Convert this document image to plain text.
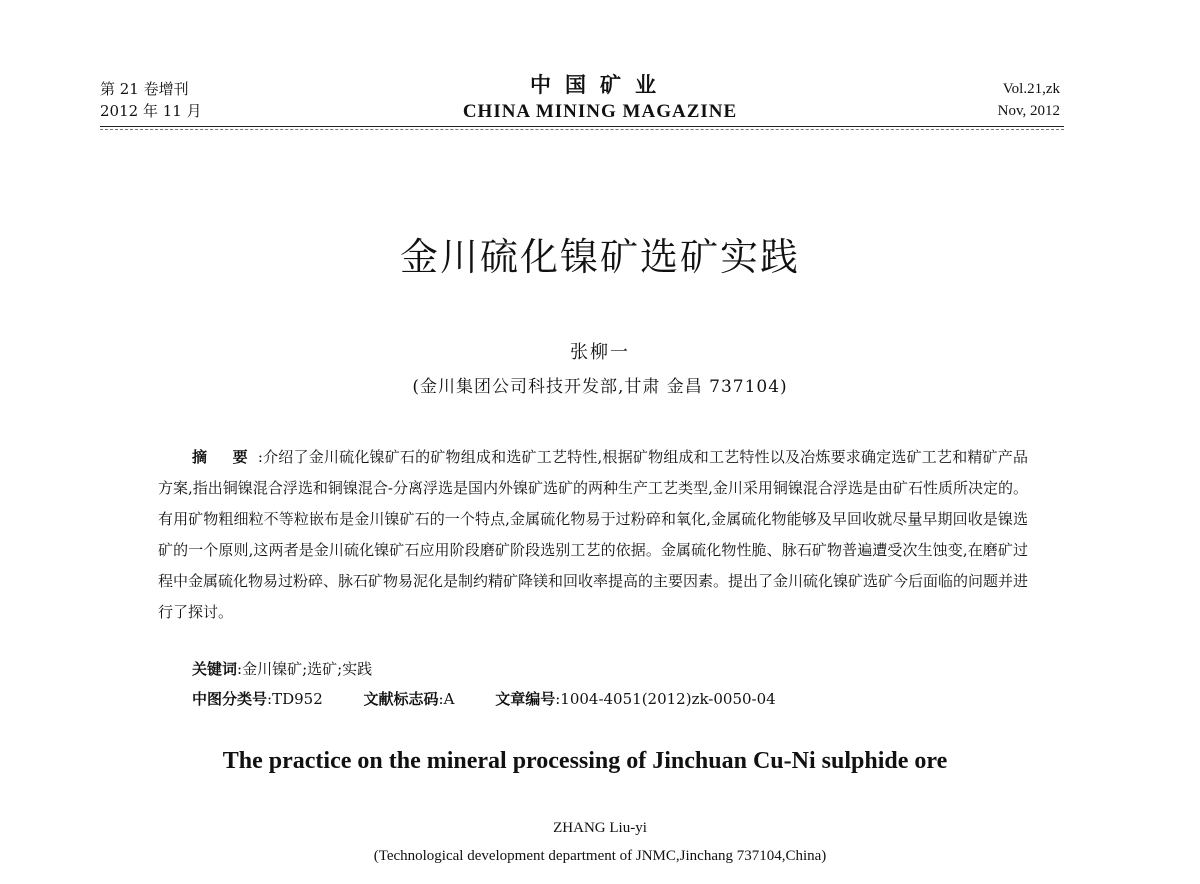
第 21 卷增刊
2012 年 11 月
中国矿业
CHINA MINING MAGAZINE
Vol.21,zk
Nov, 2012
金川硫化镍矿选矿实践
张柳一
(金川集团公司科技开发部,甘肃 金昌 737104)
摘 要:介绍了金川硫化镍矿石的矿物组成和选矿工艺特性,根据矿物组成和工艺特性以及冶炼要求确定选矿工艺和精矿产品方案,指出铜镍混合浮选和铜镍混合-分离浮选是国内外镍矿选矿的两种生产工艺类型,金川采用铜镍混合浮选是由矿石性质所决定的。有用矿物粗细粒不等粒嵌布是金川镍矿石的一个特点,金属硫化物易于过粉碎和氧化,金属硫化物能够及早回收就尽量早期回收是镍选矿的一个原则,这两者是金川硫化镍矿石应用阶段磨矿阶段选别工艺的依据。金属硫化物性脆、脉石矿物普遍遭受次生蚀变,在磨矿过程中金属硫化物易过粉碎、脉石矿物易泥化是制约精矿降镁和回收率提高的主要因素。提出了金川硫化镍矿选矿今后面临的问题并进行了探讨。
关键词:金川镍矿;选矿;实践
中图分类号:TD952	文献标志码:A	文章编号:1004-4051(2012)zk-0050-04
The practice on the mineral processing of Jinchuan Cu-Ni sulphide ore
ZHANG Liu-yi
(Technological development department of JNMC,Jinchang 737104,China)
